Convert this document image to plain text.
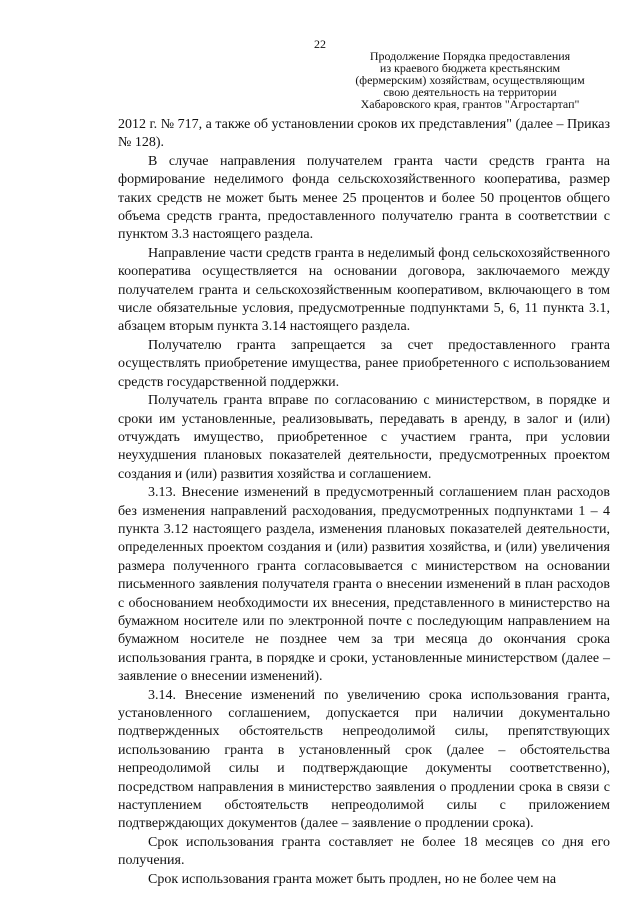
22
Продолжение Порядка предоставления
из краевого бюджета крестьянским
(фермерским) хозяйствам, осуществляющим
свою деятельность на территории
Хабаровского края, грантов "Агростартап"

2012 г. № 717, а также об установлении сроков их представления" (далее – Приказ № 128).

В случае направления получателем гранта части средств гранта на формирование неделимого фонда сельскохозяйственного кооператива, размер таких средств не может быть менее 25 процентов и более 50 процентов общего объема средств гранта, предоставленного получателю гранта в соответствии с пунктом 3.3 настоящего раздела.

Направление части средств гранта в неделимый фонд сельскохозяйственного кооператива осуществляется на основании договора, заключаемого между получателем гранта и сельскохозяйственным кооперативом, включающего в том числе обязательные условия, предусмотренные подпунктами 5, 6, 11 пункта 3.1, абзацем вторым пункта 3.14 настоящего раздела.

Получателю гранта запрещается за счет предоставленного гранта осуществлять приобретение имущества, ранее приобретенного с использованием средств государственной поддержки.

Получатель гранта вправе по согласованию с министерством, в порядке и сроки им установленные, реализовывать, передавать в аренду, в залог и (или) отчуждать имущество, приобретенное с участием гранта, при условии неухудшения плановых показателей деятельности, предусмотренных проектом создания и (или) развития хозяйства и соглашением.

3.13. Внесение изменений в предусмотренный соглашением план расходов без изменения направлений расходования, предусмотренных подпунктами 1 – 4 пункта 3.12 настоящего раздела, изменения плановых показателей деятельности, определенных проектом создания и (или) развития хозяйства, и (или) увеличения размера полученного гранта согласовывается с министерством на основании письменного заявления получателя гранта о внесении изменений в план расходов с обоснованием необходимости их внесения, представленного в министерство на бумажном носителе или по электронной почте с последующим направлением на бумажном носителе не позднее чем за три месяца до окончания срока использования гранта, в порядке и сроки, установленные министерством (далее – заявление о внесении изменений).

3.14. Внесение изменений по увеличению срока использования гранта, установленного соглашением, допускается при наличии документально подтвержденных обстоятельств непреодолимой силы, препятствующих использованию гранта в установленный срок (далее – обстоятельства непреодолимой силы и подтверждающие документы соответственно), посредством направления в министерство заявления о продлении срока в связи с наступлением обстоятельств непреодолимой силы с приложением подтверждающих документов (далее – заявление о продлении срока).

Срок использования гранта составляет не более 18 месяцев со дня его получения.

Срок использования гранта может быть продлен, но не более чем на
